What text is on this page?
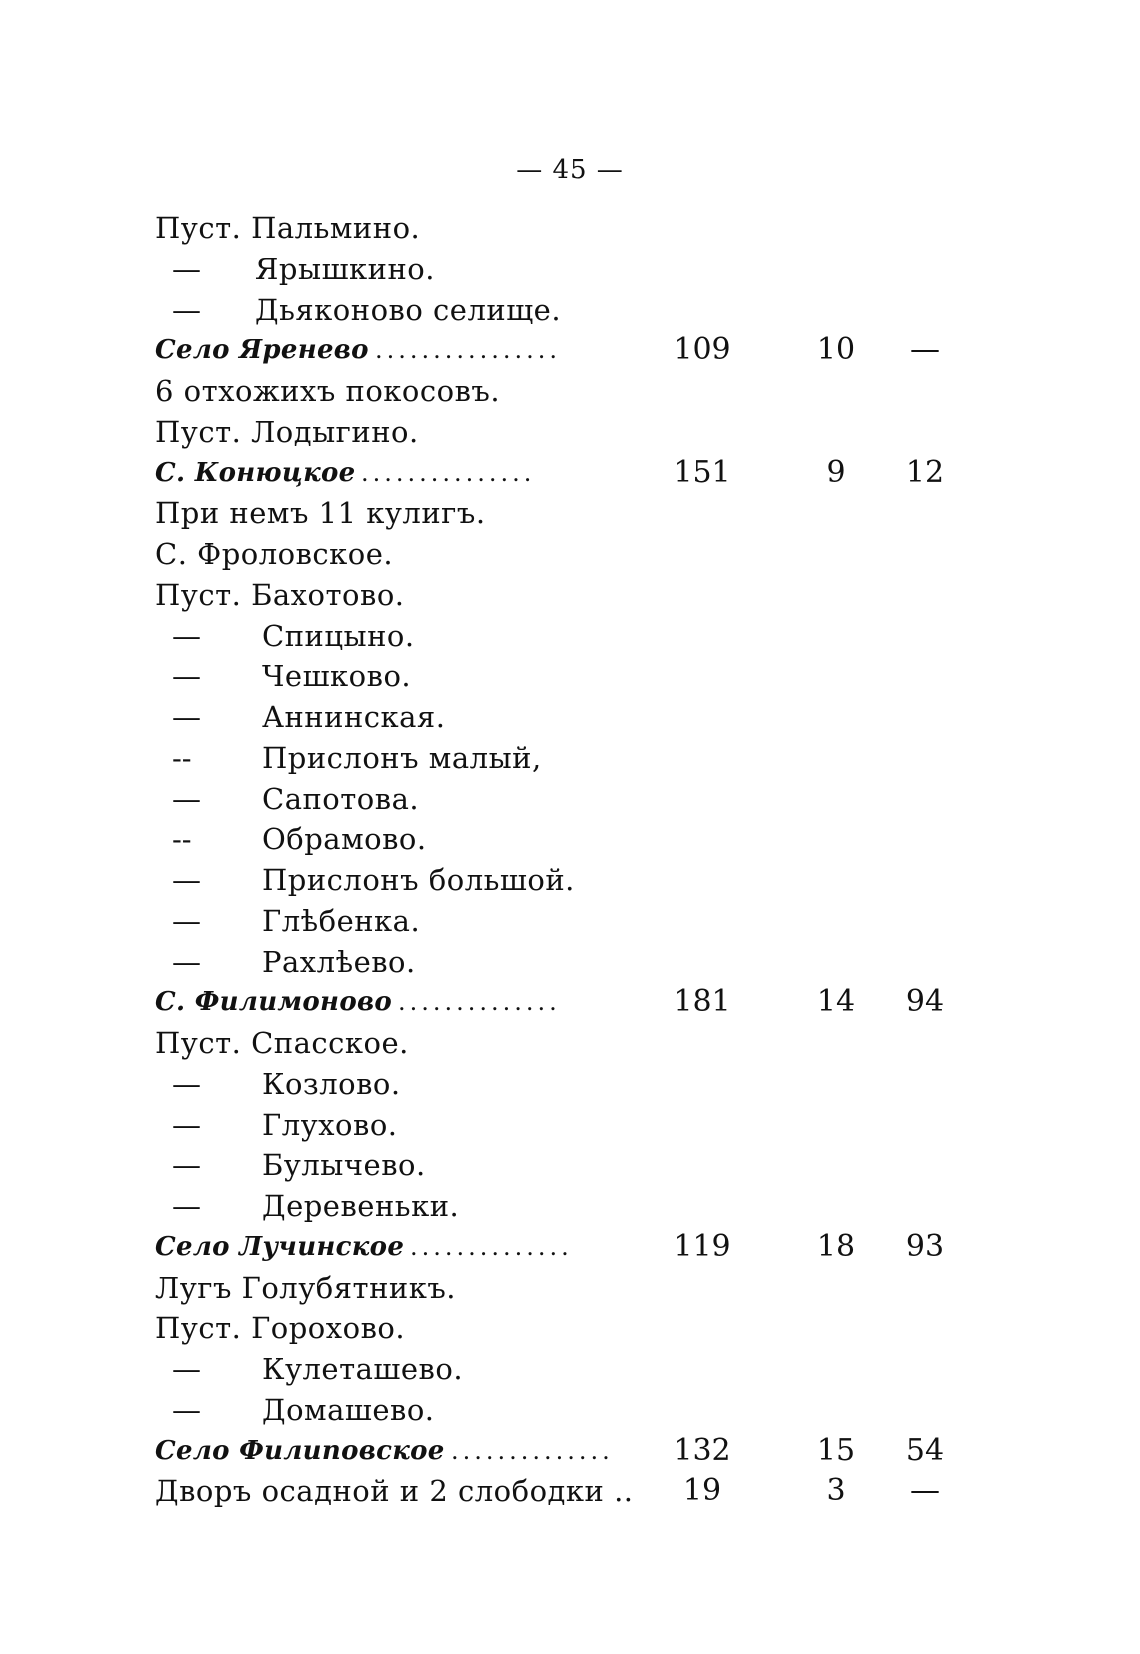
— 45 —
Пуст. Пальмино.
— Ярышкино.
— Дьяконово селище.
Село Яренево ................	109	10	—
6 отхожихъ покосовъ.
Пуст. Лодыгино.
С. Конюцкое ...............	151	9	12
При немъ 11 кулигъ.
С. Фроловское.
Пуст. Бахотово.
— Спицыно.
— Чешково.
— Аннинская.
-- Прислонъ малый,
— Сапотова.
-- Обрамово.
— Прислонъ большой.
— Глѣбенка.
— Рахлѣево.
С. Филимоново ..............	181	14	94
Пуст. Спасское.
— Козлово.
— Глухово.
— Булычево.
— Деревеньки.
Село Лучинское ..............	119	18	93
Лугъ Голубятникъ.
Пуст. Горохово.
— Кулеташево.
— Домашево.
Село Филиповское ..............	132	15	54
Дворъ осадной и 2 слободки ..	19	3	—
